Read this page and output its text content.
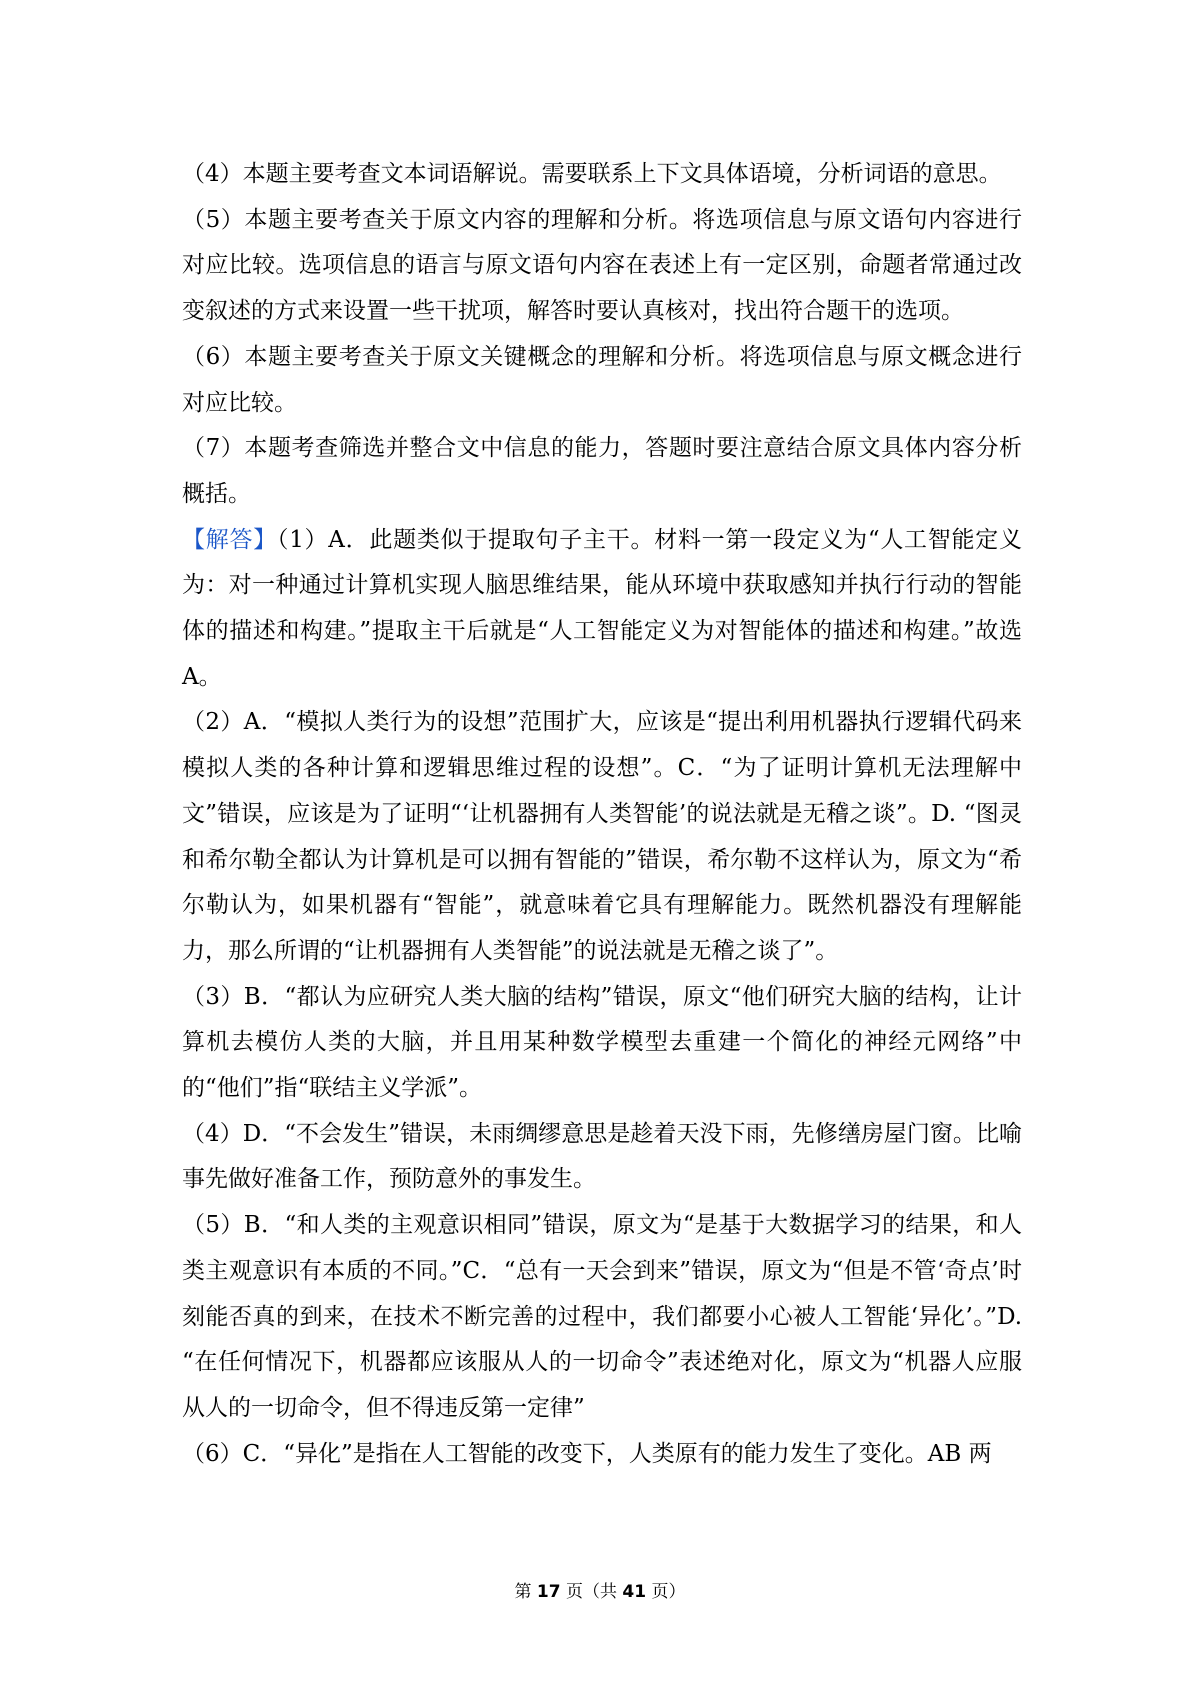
（4）本题主要考查文本词语解说。需要联系上下文具体语境，分析词语的意思。

（5）本题主要考查关于原文内容的理解和分析。将选项信息与原文语句内容进行对应比较。选项信息的语言与原文语句内容在表述上有一定区别，命题者常通过改变叙述的方式来设置一些干扰项，解答时要认真核对，找出符合题干的选项。

（6）本题主要考查关于原文关键概念的理解和分析。将选项信息与原文概念进行对应比较。

（7）本题考查筛选并整合文中信息的能力，答题时要注意结合原文具体内容分析概括。

【解答】（1）A．此题类似于提取句子主干。材料一第一段定义为“人工智能定义为：对一种通过计算机实现人脑思维结果，能从环境中获取感知并执行行动的智能体的描述和构建。”提取主干后就是“人工智能定义为对智能体的描述和构建。”故选 A。

（2）A．“模拟人类行为的设想”范围扩大，应该是“提出利用机器执行逻辑代码来模拟人类的各种计算和逻辑思维过程的设想”。C．“为了证明计算机无法理解中文”错误，应该是为了证明“‘让机器拥有人类智能’的说法就是无稽之谈”。D. “图灵和希尔勒全都认为计算机是可以拥有智能的”错误，希尔勒不这样认为，原文为“希尔勒认为，如果机器有“智能”，就意味着它具有理解能力。既然机器没有理解能力，那么所谓的“让机器拥有人类智能”的说法就是无稽之谈了”。

（3）B．“都认为应研究人类大脑的结构”错误，原文“他们研究大脑的结构，让计算机去模仿人类的大脑，并且用某种数学模型去重建一个简化的神经元网络”中的“他们”指“联结主义学派”。

（4）D．“不会发生”错误，未雨绸缪意思是趁着天没下雨，先修缮房屋门窗。比喻事先做好准备工作，预防意外的事发生。

（5）B．“和人类的主观意识相同”错误，原文为“是基于大数据学习的结果，和人类主观意识有本质的不同。”C．“总有一天会到来”错误，原文为“但是不管‘奇点’时刻能否真的到来，在技术不断完善的过程中，我们都要小心被人工智能‘异化’。”D. “在任何情况下，机器都应该服从人的一切命令”表述绝对化，原文为“机器人应服从人的一切命令，但不得违反第一定律”

（6）C．“异化”是指在人工智能的改变下，人类原有的能力发生了变化。AB 两

第 17 页（共 41 页）
